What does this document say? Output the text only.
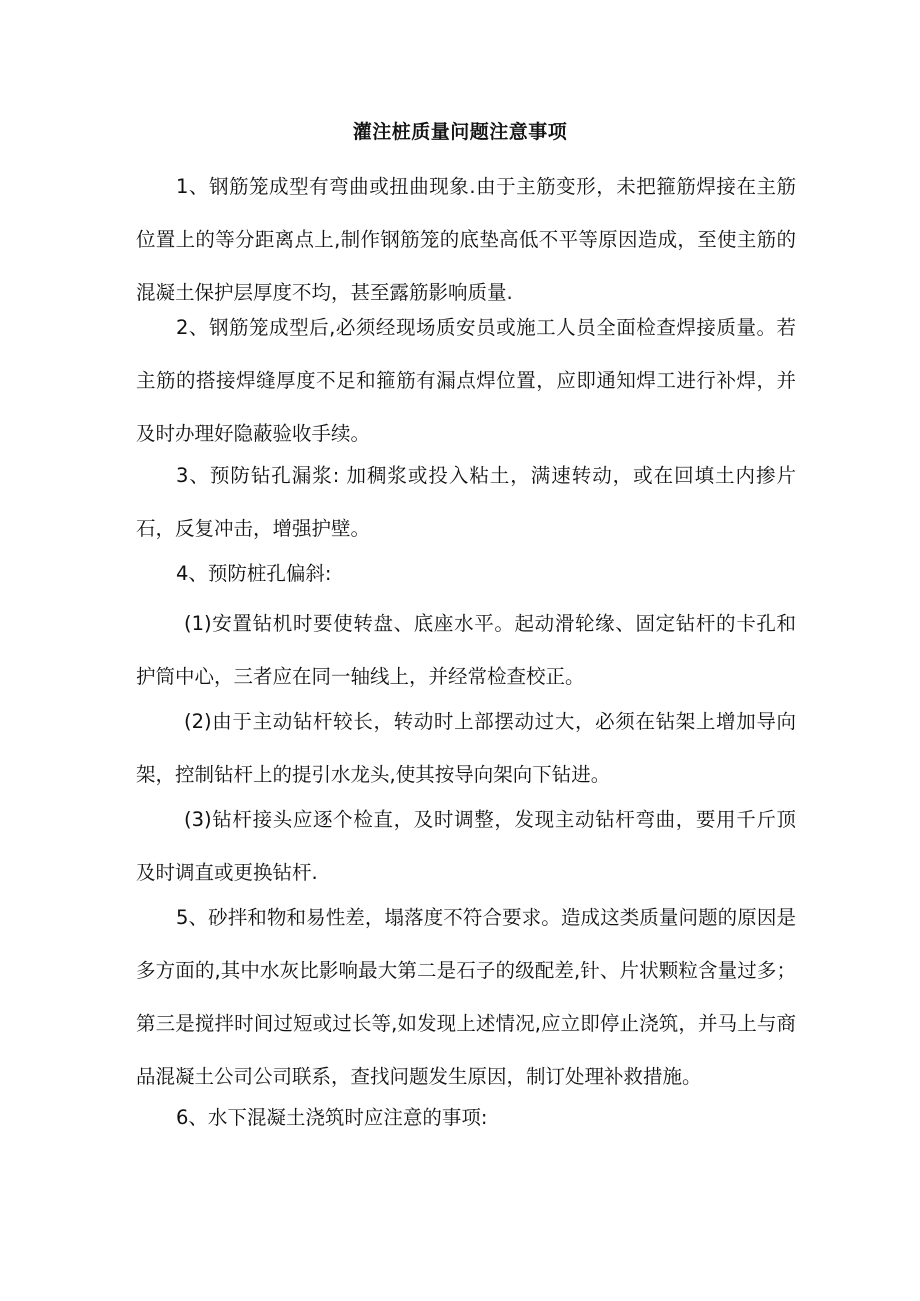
灌注桩质量问题注意事项

1、钢筋笼成型有弯曲或扭曲现象.由于主筋变形，未把箍筋焊接在主筋位置上的等分距离点上,制作钢筋笼的底垫高低不平等原因造成，至使主筋的混凝土保护层厚度不均，甚至露筋影响质量.

2、钢筋笼成型后,必须经现场质安员或施工人员全面检查焊接质量。若主筋的搭接焊缝厚度不足和箍筋有漏点焊位置，应即通知焊工进行补焊，并及时办理好隐蔽验收手续。

3、预防钻孔漏浆: 加稠浆或投入粘土，满速转动，或在回填土内掺片石，反复冲击，增强护壁。

4、预防桩孔偏斜:

(1)安置钻机时要使转盘、底座水平。起动滑轮缘、固定钻杆的卡孔和护筒中心，三者应在同一轴线上，并经常检查校正。

(2)由于主动钻杆较长，转动时上部摆动过大，必须在钻架上增加导向架，控制钻杆上的提引水龙头,使其按导向架向下钻进。

(3)钻杆接头应逐个检直，及时调整，发现主动钻杆弯曲，要用千斤顶及时调直或更换钻杆.

5、砂拌和物和易性差，塌落度不符合要求。造成这类质量问题的原因是多方面的,其中水灰比影响最大第二是石子的级配差,针、片状颗粒含量过多；第三是搅拌时间过短或过长等,如发现上述情况,应立即停止浇筑，并马上与商品混凝土公司公司联系，查找问题发生原因，制订处理补救措施。

6、水下混凝土浇筑时应注意的事项:
